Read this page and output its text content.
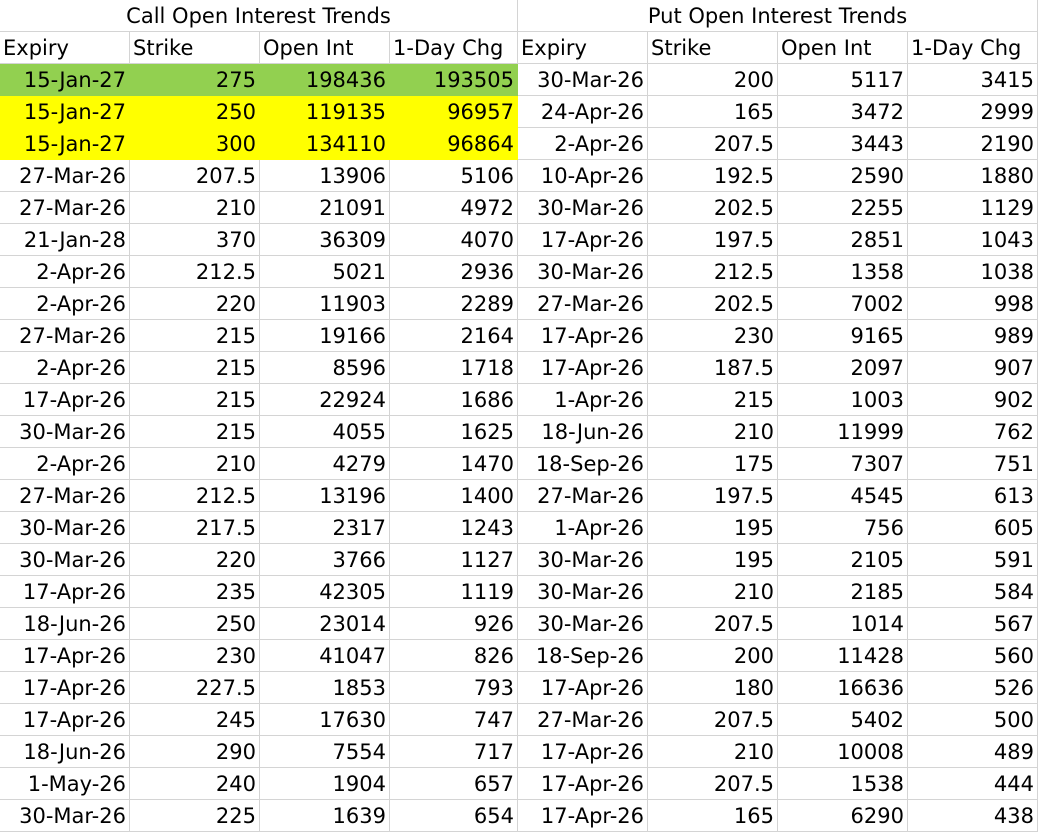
Call Open Interest Trends
Expiry	Strike	Open Int	1-Day Chg
15-Jan-27	275	198436	193505
15-Jan-27	250	119135	96957
15-Jan-27	300	134110	96864
27-Mar-26	207.5	13906	5106
27-Mar-26	210	21091	4972
21-Jan-28	370	36309	4070
2-Apr-26	212.5	5021	2936
2-Apr-26	220	11903	2289
27-Mar-26	215	19166	2164
2-Apr-26	215	8596	1718
17-Apr-26	215	22924	1686
30-Mar-26	215	4055	1625
2-Apr-26	210	4279	1470
27-Mar-26	212.5	13196	1400
30-Mar-26	217.5	2317	1243
30-Mar-26	220	3766	1127
17-Apr-26	235	42305	1119
18-Jun-26	250	23014	926
17-Apr-26	230	41047	826
17-Apr-26	227.5	1853	793
17-Apr-26	245	17630	747
18-Jun-26	290	7554	717
1-May-26	240	1904	657
30-Mar-26	225	1639	654
Put Open Interest Trends
Expiry	Strike	Open Int	1-Day Chg
30-Mar-26	200	5117	3415
24-Apr-26	165	3472	2999
2-Apr-26	207.5	3443	2190
10-Apr-26	192.5	2590	1880
30-Mar-26	202.5	2255	1129
17-Apr-26	197.5	2851	1043
30-Mar-26	212.5	1358	1038
27-Mar-26	202.5	7002	998
17-Apr-26	230	9165	989
17-Apr-26	187.5	2097	907
1-Apr-26	215	1003	902
18-Jun-26	210	11999	762
18-Sep-26	175	7307	751
27-Mar-26	197.5	4545	613
1-Apr-26	195	756	605
30-Mar-26	195	2105	591
30-Mar-26	210	2185	584
30-Mar-26	207.5	1014	567
18-Sep-26	200	11428	560
17-Apr-26	180	16636	526
27-Mar-26	207.5	5402	500
17-Apr-26	210	10008	489
17-Apr-26	207.5	1538	444
17-Apr-26	165	6290	438
